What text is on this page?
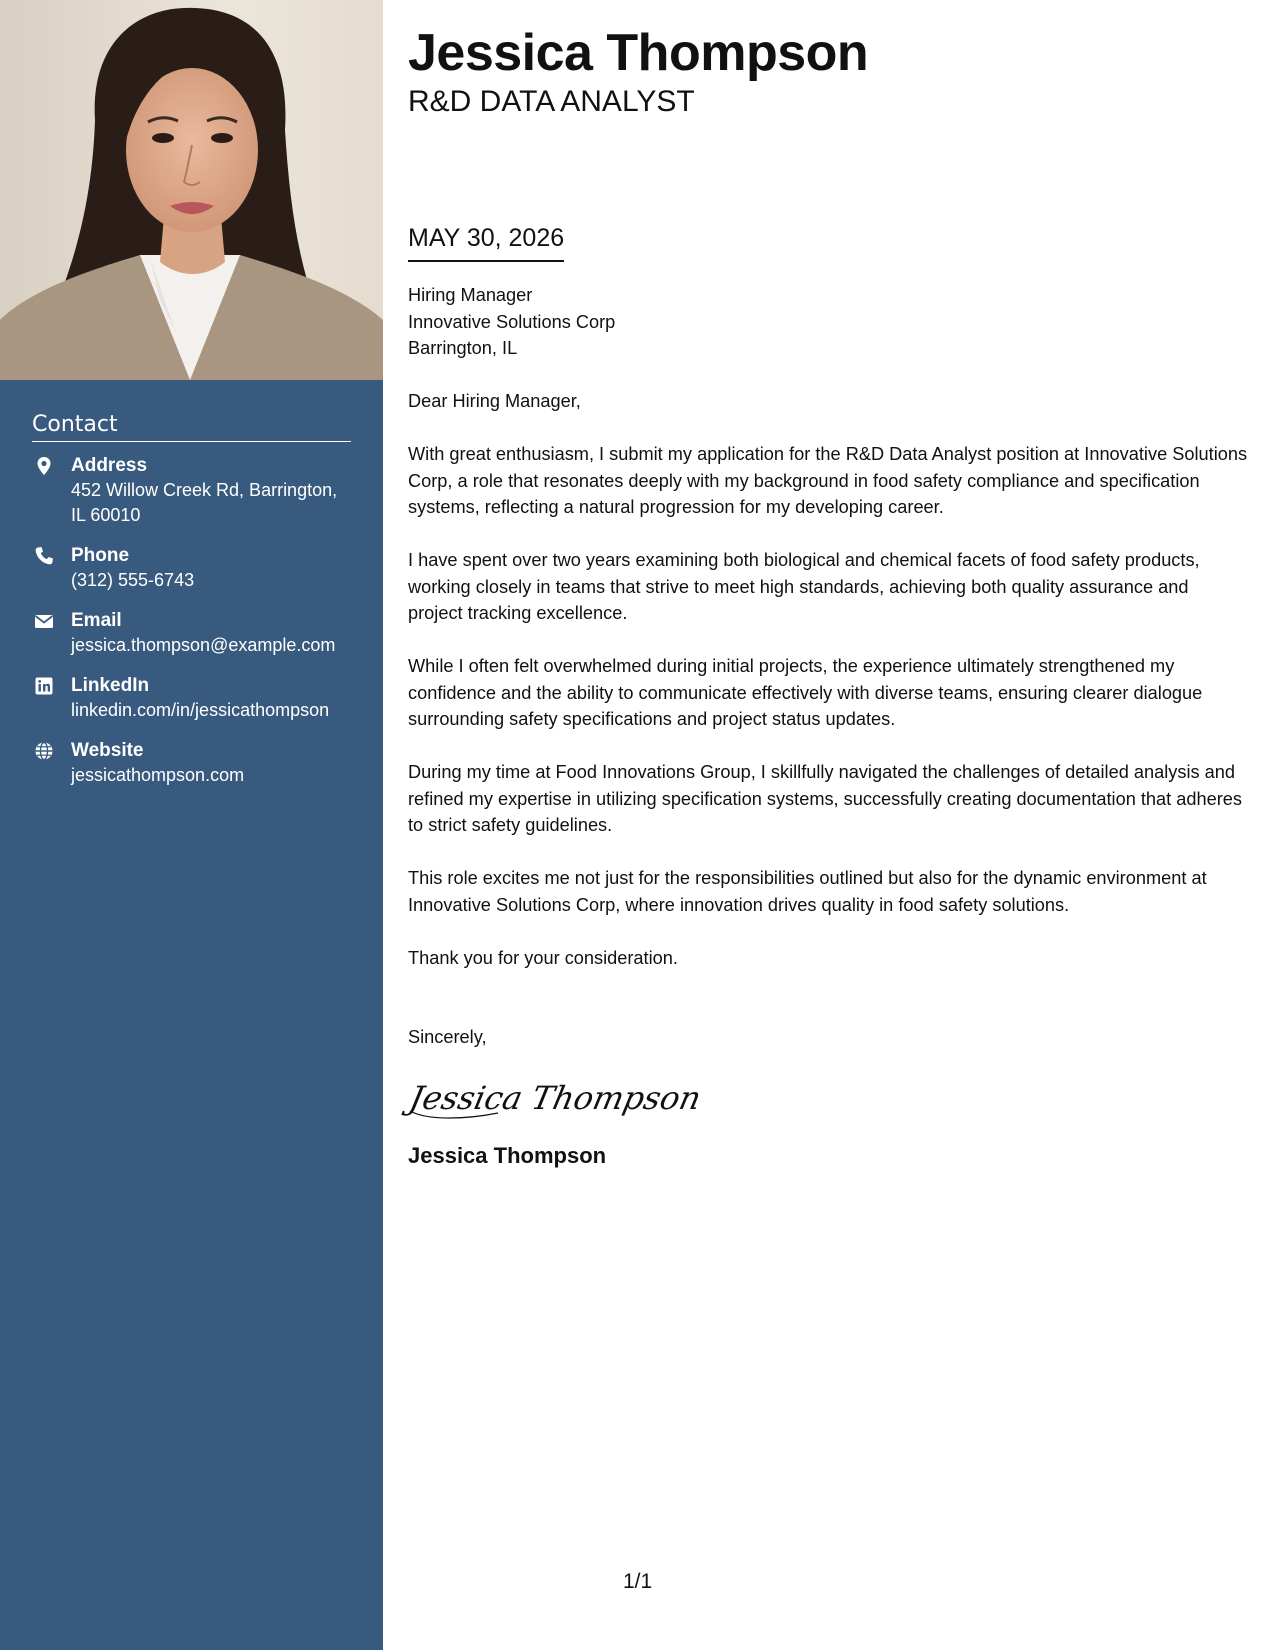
Contact
Address
452 Willow Creek Rd, Barrington, IL 60010
Phone
(312) 555-6743
Email
jessica.thompson@example.com
LinkedIn
linkedin.com/in/jessicathompson
Website
jessicathompson.com
Jessica Thompson
R&D DATA ANALYST
MAY 30, 2026
Hiring Manager
Innovative Solutions Corp
Barrington, IL

Dear Hiring Manager,

With great enthusiasm, I submit my application for the R&D Data Analyst position at Innovative Solutions Corp, a role that resonates deeply with my background in food safety compliance and specification systems, reflecting a natural progression for my developing career.

I have spent over two years examining both biological and chemical facets of food safety products, working closely in teams that strive to meet high standards, achieving both quality assurance and project tracking excellence.

While I often felt overwhelmed during initial projects, the experience ultimately strengthened my confidence and the ability to communicate effectively with diverse teams, ensuring clearer dialogue surrounding safety specifications and project status updates.

During my time at Food Innovations Group, I skillfully navigated the challenges of detailed analysis and refined my expertise in utilizing specification systems, successfully creating documentation that adheres to strict safety guidelines.

This role excites me not just for the responsibilities outlined but also for the dynamic environment at Innovative Solutions Corp, where innovation drives quality in food safety solutions.

Thank you for your consideration.

Sincerely,

Jessica Thompson

Jessica Thompson

1/1
